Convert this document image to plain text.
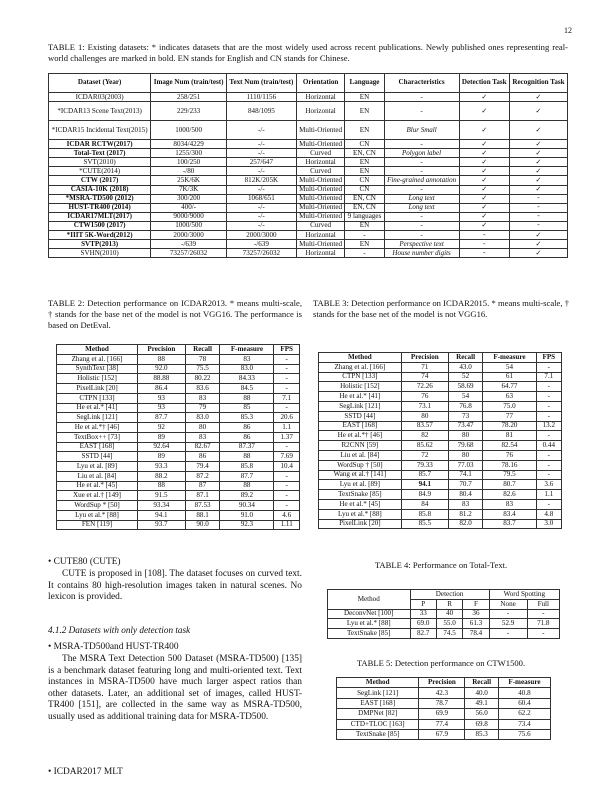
12
TABLE 1: Existing datasets: * indicates datasets that are the most widely used across recent publications. Newly published ones representing real-world challenges are marked in bold. EN stands for English and CN stands for Chinese.
Dataset (Year)	Image Num (train/test)	Text Num (train/test)	Orientation	Language	Characteristics	Detection Task	Recognition Task
ICDAR03(2003)	258/251	1110/1156	Horizontal	EN	-	✓	✓
*ICDAR13 Scene Text(2013)	229/233	848/1095	Horizontal	EN	-	✓	✓
*ICDAR15 Incidental Text(2015)	1000/500	-/-	Multi-Oriented	EN	Blur Small	✓	✓
ICDAR RCTW(2017)	8034/4229	-/-	Multi-Oriented	CN	-	✓	✓
Total-Text (2017)	1255/300	-/-	Curved	EN, CN	Polygon label	✓	✓
SVT(2010)	100/250	257/647	Horizontal	EN	-	✓	✓
*CUTE(2014)	-/80	-/-	Curved	EN	-	✓	✓
CTW (2017)	25K/6K	812K/205K	Multi-Oriented	CN	Fine-grained annotation	✓	✓
CASIA-10K (2018)	7K/3K	-/-	Multi-Oriented	CN	-	✓	✓
*MSRA-TD500 (2012)	300/200	1068/651	Multi-Oriented	EN, CN	Long text	✓	-
HUST-TR400 (2014)	400/-	-/-	Multi-Oriented	EN, CN	Long text	✓	-
ICDAR17MLT(2017)	9000/9000	-/-	Multi-Oriented	9 languages	-	✓	-
CTW1500 (2017)	1000/500	-/-	Curved	EN	-	✓	-
*IIIT 5K-Word(2012)	2000/3000	2000/3000	Horizontal	-	-	-	✓
SVTP(2013)	-/639	-/639	Multi-Oriented	EN	Perspective text	-	✓
SVHN(2010)	73257/26032	73257/26032	Horizontal	-	House number digits	-	✓
TABLE 2: Detection performance on ICDAR2013. * means multi-scale, † stands for the base net of the model is not VGG16. The performance is based on DetEval.
Method	Precision	Recall	F-measure	FPS
Zhang et al. [166]	88	78	83	-
SynthText [38]	92.0	75.5	83.0	-
Holistic [152]	88.88	80.22	84.33	-
PixelLink [20]	86.4	83.6	84.5	-
CTPN [133]	93	83	88	7.1
He et al.* [41]	93	79	85	-
SegLink [121]	87.7	83.0	85.3	20.6
He et al.*† [46]	92	80	86	1.1
TextBox++ [73]	89	83	86	1.37
EAST [168]	92.64	82.67	87.37	-
SSTD [44]	89	86	88	7.69
Lyu et al. [89]	93.3	79.4	85.8	10.4
Liu et al. [84]	88.2	87.2	87.7	-
He et al.* [45]	88	87	88	-
Xue et al.† [149]	91.5	87.1	89.2	-
WordSup * [50]	93.34	87.53	90.34	-
Lyu et al.* [88]	94.1	88.1	91.0	4.6
FEN [119]	93.7	90.0	92.3	1.11
TABLE 3: Detection performance on ICDAR2015. * means multi-scale, † stands for the base net of the model is not VGG16.
Method	Precision	Recall	F-measure	FPS
Zhang et al. [166]	71	43.0	54	-
CTPN [133]	74	52	61	7.1
Holistic [152]	72.26	58.69	64.77	-
He et al.* [41]	76	54	63	-
SegLink [121]	73.1	76.8	75.0	-
SSTD [44]	80	73	77	-
EAST [168]	83.57	73.47	78.20	13.2
He et al.*† [46]	82	80	81	-
R2CNN [59]	85.62	79.68	82.54	0.44
Liu et al. [84]	72	80	76	-
WordSup † [50]	79.33	77.03	78.16	-
Wang et al.† [141]	85.7	74.1	79.5	-
Lyu et al. [89]	94.1	70.7	80.7	3.6
TextSnake [85]	84.9	80.4	82.6	1.1
He et al.* [45]	84	83	83	-
Lyu et al.* [88]	85.8	81.2	83.4	4.8
PixelLink [20]	85.5	82.0	83.7	3.0
TABLE 4: Performance on Total-Text.
Method	Detection			Word Spotting	
	P	R	F	None	Full
DeconvNet [100]	33	40	36	-	-
Lyu et al.* [88]	69.0	55.0	61.3	52.9	71.8
TextSnake [85]	82.7	74.5	78.4	-	-
TABLE 5: Detection performance on CTW1500.
Method	Precision	Recall	F-measure
SegLink [121]	42.3	40.0	40.8
EAST [168]	78.7	49.1	60.4
DMPNet [82]	69.9	56.0	62.2
CTD+TLOC [163]	77.4	69.8	73.4
TextSnake [85]	67.9	85.3	75.6
• CUTE80 (CUTE)
CUTE is proposed in [108]. The dataset focuses on curved text. It contains 80 high-resolution images taken in natural scenes. No lexicon is provided.
4.1.2 Datasets with only detection task
• MSRA-TD500and HUST-TR400
The MSRA Text Detection 500 Dataset (MSRA-TD500) [135] is a benchmark dataset featuring long and multi-oriented text. Text instances in MSRA-TD500 have much larger aspect ratios than other datasets. Later, an additional set of images, called HUST-TR400 [151], are collected in the same way as MSRA-TD500, usually used as additional training data for MSRA-TD500.
• ICDAR2017 MLT
